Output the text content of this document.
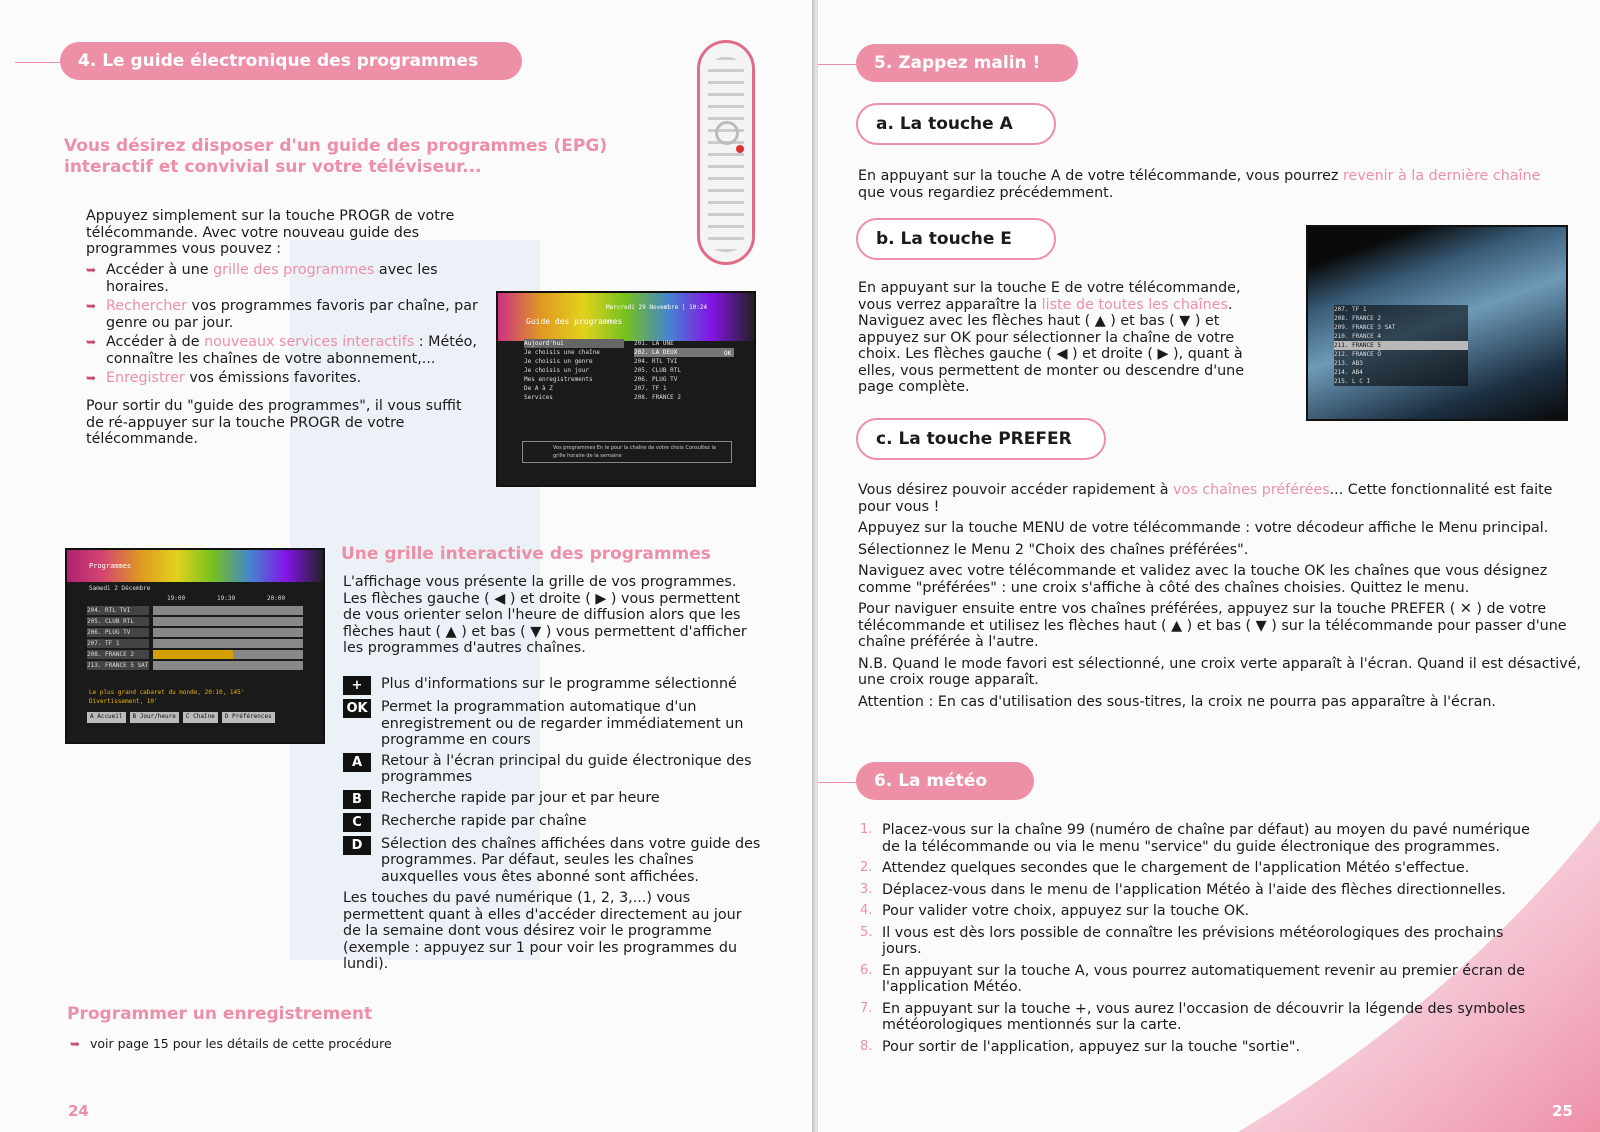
4. Le guide électronique des programmes
Vous désirez disposer d'un guide des programmes (EPG) interactif et convivial sur votre téléviseur...
Appuyez simplement sur la touche PROGR de votre télécommande. Avec votre nouveau guide des programmes vous pouvez :
➥ Accéder à une grille des programmes avec les horaires.
➥ Rechercher vos programmes favoris par chaîne, par genre ou par jour.
➥ Accéder à de nouveaux services interactifs : Météo, connaître les chaînes de votre abonnement,...
➥ Enregistrer vos émissions favorites.
Pour sortir du "guide des programmes", il vous suffit de ré-appuyer sur la touche PROGR de votre télécommande.
Mercredi 29 Novembre | 10:24
Guide des programmes
Aujourd'hui
Je choisis une chaîne
Je choisis un genre
Je choisis un jour
Mes enregistrements
De A à Z
Services
201. LA UNE
202. LA DEUX
204. RTL TVI
205. CLUB RTL
206. PLUG TV
207. TF 1
208. FRANCE 2
OK
Vos programmes En le pour la chaîne de votre choix Consultez la grille horaire de la semaine
Programmes
Samedi 2 Décembre
19:00	19:30	20:00
204. RTL TVI
205. CLUB RTL
206. PLUG TV
207. TF 1
208. FRANCE 2
213. FRANCE 5 SAT
Le plus grand cabaret du monde, 20:10, 145'
Divertissement, 10'
A Accueil	B Jour/heure	C Chaîne	D Préférences
Une grille interactive des programmes
L'affichage vous présente la grille de vos programmes. Les flèches gauche ( ◀ ) et droite ( ▶ ) vous permettent de vous orienter selon l'heure de diffusion alors que les flèches haut ( ▲ ) et bas ( ▼ ) vous permettent d'afficher les programmes d'autres chaînes.
+	Plus d'informations sur le programme sélectionné
OK Permet la programmation automatique d'un enregistrement ou de regarder immédiatement un programme en cours
A	Retour à l'écran principal du guide électronique des programmes
B	Recherche rapide par jour et par heure
C	Recherche rapide par chaîne
D	Sélection des chaînes affichées dans votre guide des programmes. Par défaut, seules les chaînes auxquelles vous êtes abonné sont affichées.
Les touches du pavé numérique (1, 2, 3,...) vous permettent quant à elles d'accéder directement au jour de la semaine dont vous désirez voir le programme (exemple : appuyez sur 1 pour voir les programmes du lundi).
Programmer un enregistrement
➥ voir page 15 pour les détails de cette procédure
24
5. Zappez malin !
a. La touche A
En appuyant sur la touche A de votre télécommande, vous pourrez revenir à la dernière chaîne que vous regardiez précédemment.
b. La touche E
En appuyant sur la touche E de votre télécommande, vous verrez apparaître la liste de toutes les chaînes. Naviguez avec les flèches haut ( ▲ ) et bas ( ▼ ) et appuyez sur OK pour sélectionner la chaîne de votre choix. Les flèches gauche ( ◀ ) et droite ( ▶ ), quant à elles, vous permettent de monter ou descendre d'une page complète.
207. TF 1
208. FRANCE 2
209. FRANCE 3 SAT
210. FRANCE 4
211. FRANCE 5
212. FRANCE Ô
213. AB3
214. AB4
215. L C I
c. La touche PREFER
Vous désirez pouvoir accéder rapidement à vos chaînes préférées... Cette fonctionnalité est faite pour vous !
Appuyez sur la touche MENU de votre télécommande : votre décodeur affiche le Menu principal.
Sélectionnez le Menu 2 "Choix des chaînes préférées".
Naviguez avec votre télécommande et validez avec la touche OK les chaînes que vous désignez comme "préférées" : une croix s'affiche à côté des chaînes choisies. Quittez le menu.
Pour naviguer ensuite entre vos chaînes préférées, appuyez sur la touche PREFER ( ✕ ) de votre télécommande et utilisez les flèches haut ( ▲ ) et bas ( ▼ ) sur la télécommande pour passer d'une chaîne préférée à l'autre.
N.B. Quand le mode favori est sélectionné, une croix verte apparaît à l'écran. Quand il est désactivé, une croix rouge apparaît.
Attention : En cas d'utilisation des sous-titres, la croix ne pourra pas apparaître à l'écran.
6. La météo
1. Placez-vous sur la chaîne 99 (numéro de chaîne par défaut) au moyen du pavé numérique de la télécommande ou via le menu "service" du guide électronique des programmes.
2. Attendez quelques secondes que le chargement de l'application Météo s'effectue.
3. Déplacez-vous dans le menu de l'application Météo à l'aide des flèches directionnelles.
4. Pour valider votre choix, appuyez sur la touche OK.
5. Il vous est dès lors possible de connaître les prévisions météorologiques des prochains jours.
6. En appuyant sur la touche A, vous pourrez automatiquement revenir au premier écran de l'application Météo.
7. En appuyant sur la touche +, vous aurez l'occasion de découvrir la légende des symboles météorologiques mentionnés sur la carte.
8. Pour sortir de l'application, appuyez sur la touche "sortie".
25
